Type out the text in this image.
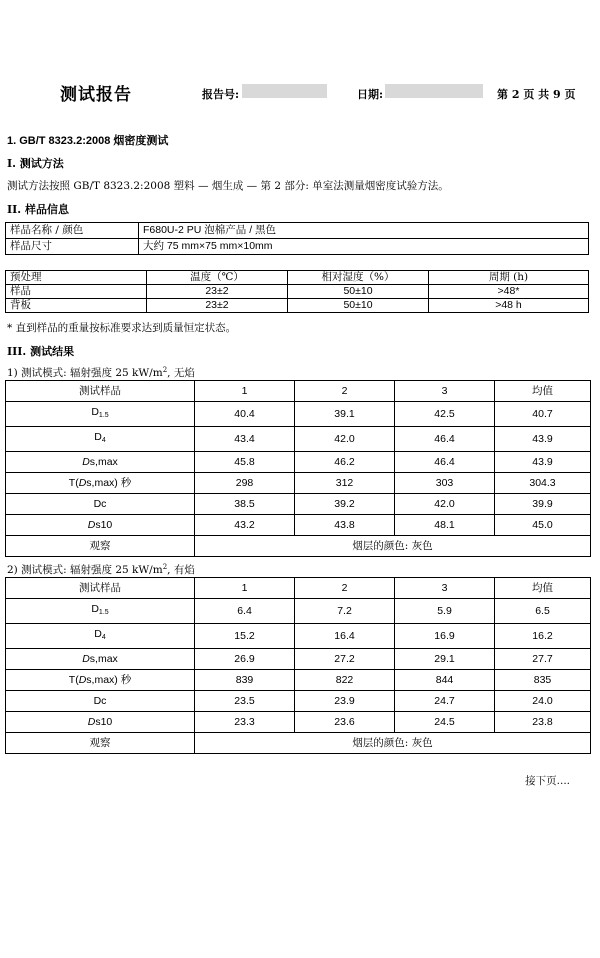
测试报告	报告号:	日期:	第 2 页 共 9 页
1. GB/T 8323.2:2008 烟密度测试
I. 测试方法
测试方法按照 GB/T 8323.2:2008 塑料 — 烟生成 — 第 2 部分: 单室法测量烟密度试验方法。
II. 样品信息
样品名称 / 颜色	F680U-2 PU 泡棉产品 / 黑色
样品尺寸	大约 75 mm×75 mm×10mm
预处理	温度（℃）	相对湿度（%）	周期 (h)
样品	23±2	50±10	>48*
背板	23±2	50±10	>48 h
* 直到样品的重量按标准要求达到质量恒定状态。
III. 测试结果
1) 测试模式: 辐射强度 25 $kW/m^2$, 无焰
测试样品	1	2	3	均值
$D_{1.5}$	40.4	39.1	42.5	40.7
$D_4$	43.4	42.0	46.4	43.9
Ds,max	45.8	46.2	46.4	43.9
T(Ds,max) 秒	298	312	303	304.3
Dc	38.5	39.2	42.0	39.9
Ds10	43.2	43.8	48.1	45.0
观察	烟层的颜色: 灰色			
2) 测试模式: 辐射强度 25 $kW/m^2$, 有焰
测试样品	1	2	3	均值
$D_{1.5}$	6.4	7.2	5.9	6.5
$D_4$	15.2	16.4	16.9	16.2
Ds,max	26.9	27.2	29.1	27.7
T(Ds,max) 秒	839	822	844	835
Dc	23.5	23.9	24.7	24.0
Ds10	23.3	23.6	24.5	23.8
观察	烟层的颜色: 灰色			
接下页....
